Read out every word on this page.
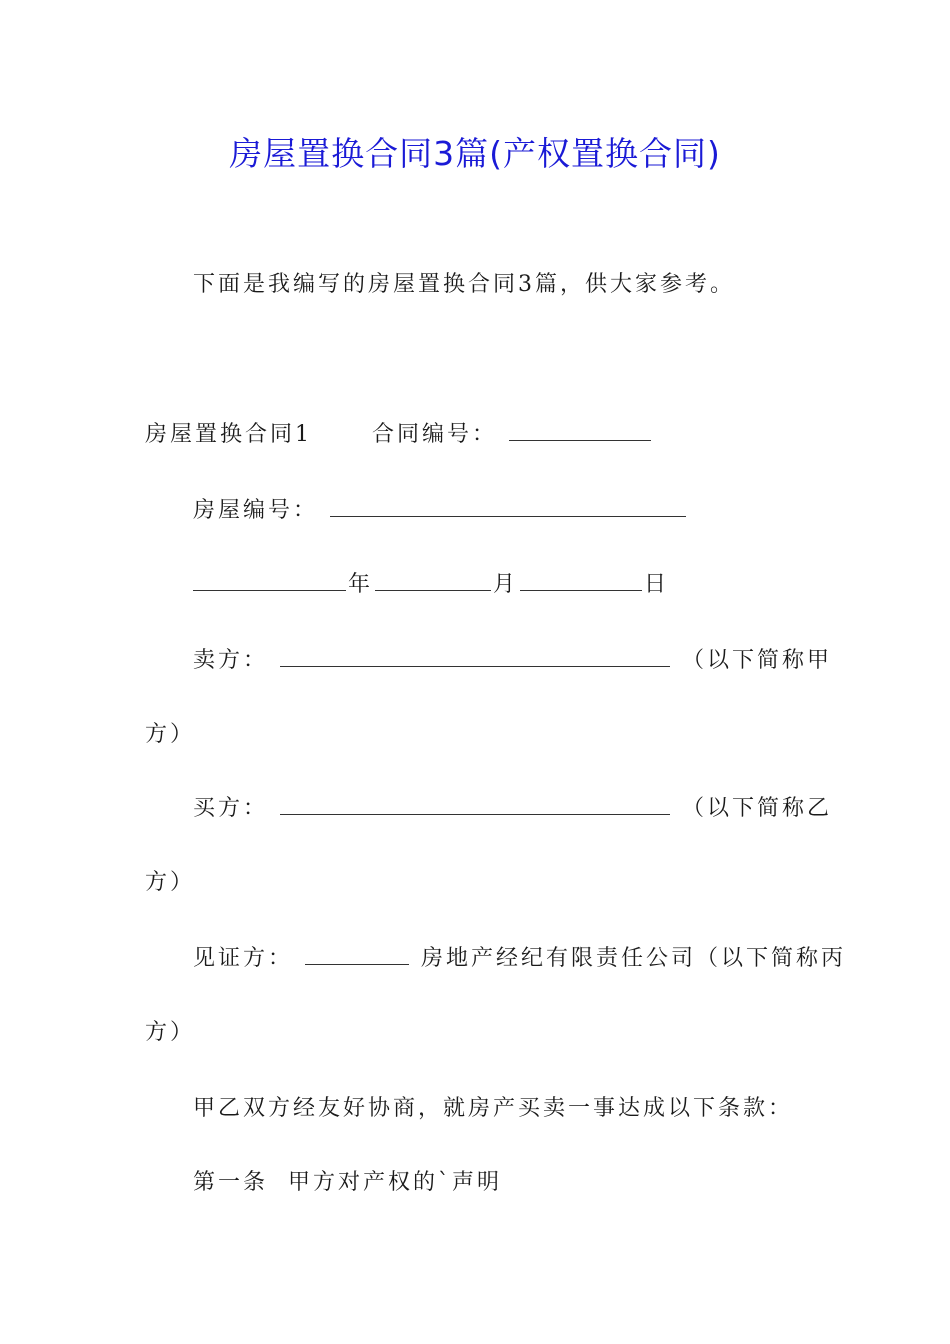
房屋置换合同3篇(产权置换合同)
下面是我编写的房屋置换合同3篇，供大家参考。
房屋置换合同1	合同编号：
房屋编号：
年	月	日
卖方：	（以下简称甲
方）
买方：	（以下简称乙
方）
见证方：	房地产经纪有限责任公司（以下简称丙
方）
甲乙双方经友好协商，就房产买卖一事达成以下条款：
第一条  甲方对产权的`声明
